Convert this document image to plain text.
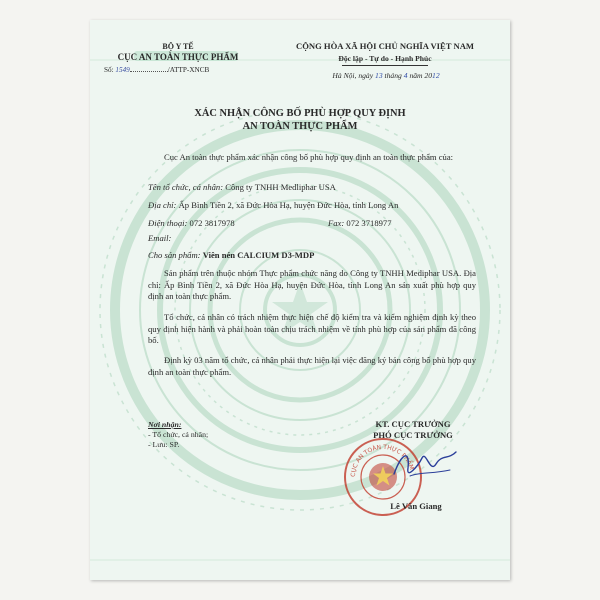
BỘ Y TẾ
CỤC AN TOÀN THỰC PHẨM
Số: 1549	/ATTP-XNCB
CỘNG HÒA XÃ HỘI CHỦ NGHĨA VIỆT NAM
Độc lập - Tự do - Hạnh Phúc
Hà Nội, ngày 13 tháng 4 năm 2012
XÁC NHẬN CÔNG BỐ PHÙ HỢP QUY ĐỊNH
AN TOÀN THỰC PHẨM
Cục An toàn thực phẩm xác nhận công bố phù hợp quy định an toàn thực phẩm của:
Tên tổ chức, cá nhân: Công ty TNHH Medliphar USA
Địa chỉ: Ấp Bình Tiền 2, xã Đức Hòa Hạ, huyện Đức Hòa, tỉnh Long An
Điện thoại: 072 3817978	Fax: 072 3718977
Email:
Cho sản phẩm: Viên nén CALCIUM D3-MDP
Sản phẩm trên thuộc nhóm Thực phẩm chức năng do Công ty TNHH Mediphar USA. Địa chỉ: Ấp Bình Tiền 2, xã Đức Hòa Hạ, huyện Đức Hòa, tỉnh Long An sản xuất phù hợp quy định an toàn thực phẩm.
Tổ chức, cá nhân có trách nhiệm thực hiện chế độ kiểm tra và kiểm nghiệm định kỳ theo quy định hiện hành và phải hoàn toàn chịu trách nhiệm về tính phù hợp của sản phẩm đã công bố.
Định kỳ 03 năm tổ chức, cá nhân phải thực hiện lại việc đăng ký bản công bố phù hợp quy định an toàn thực phẩm.
Nơi nhận:
- Tổ chức, cá nhân;
- Lưu: SP.
KT. CỤC TRƯỞNG
PHÓ CỤC TRƯỞNG
CỤC AN TOÀN THỰC PHẨM
Lê Văn Giang
